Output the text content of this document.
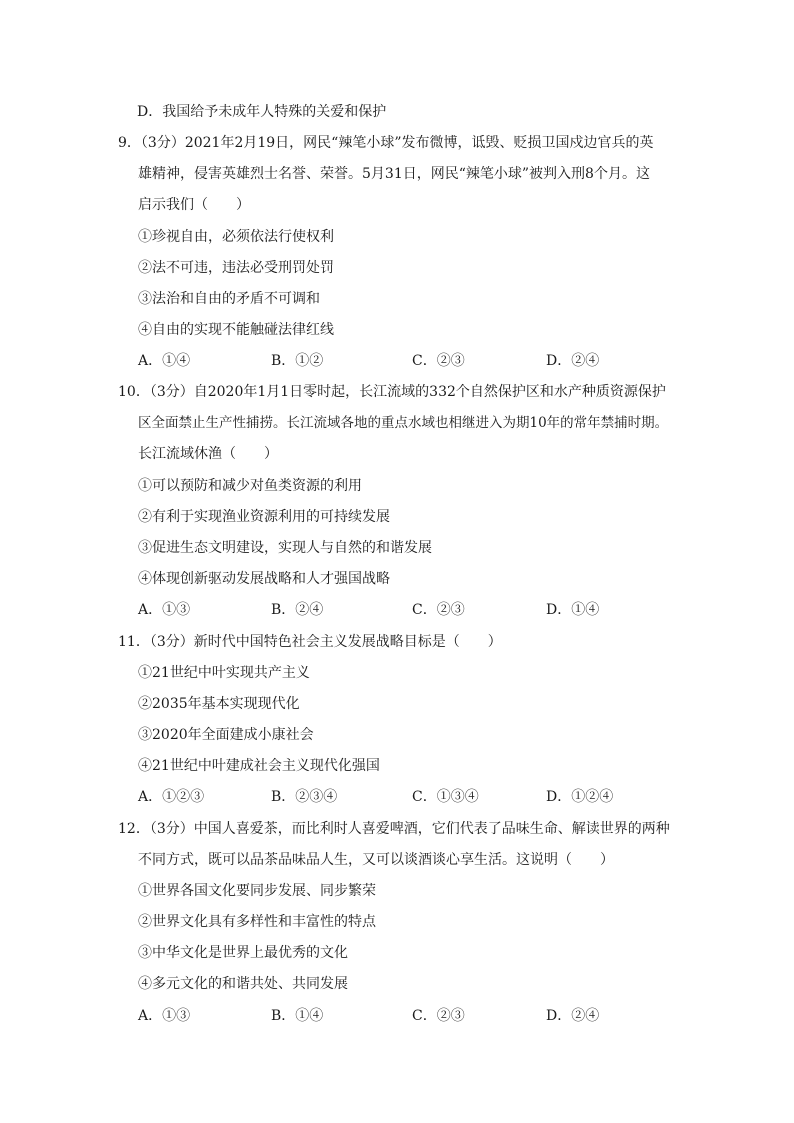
D．我国给予未成年人特殊的关爱和保护
9．（3分）2021年2月19日，网民“辣笔小球”发布微博，诋毁、贬损卫国戍边官兵的英
雄精神，侵害英雄烈士名誉、荣誉。5月31日，网民“辣笔小球”被判入刑8个月。这
启示我们（　　）
①珍视自由，必须依法行使权利
②法不可违，违法必受刑罚处罚
③法治和自由的矛盾不可调和
④自由的实现不能触碰法律红线
A．①④	B．①②	C．②③	D．②④
10．（3分）自2020年1月1日零时起，长江流域的332个自然保护区和水产种质资源保护
区全面禁止生产性捕捞。长江流域各地的重点水域也相继进入为期10年的常年禁捕时期。
长江流域休渔（　　）
①可以预防和减少对鱼类资源的利用
②有利于实现渔业资源利用的可持续发展
③促进生态文明建设，实现人与自然的和谐发展
④体现创新驱动发展战略和人才强国战略
A．①③	B．②④	C．②③	D．①④
11．（3分）新时代中国特色社会主义发展战略目标是（　　）
①21世纪中叶实现共产主义
②2035年基本实现现代化
③2020年全面建成小康社会
④21世纪中叶建成社会主义现代化强国
A．①②③	B．②③④	C．①③④	D．①②④
12．（3分）中国人喜爱茶，而比利时人喜爱啤酒，它们代表了品味生命、解读世界的两种
不同方式，既可以品茶品味品人生，又可以谈酒谈心享生活。这说明（　　）
①世界各国文化要同步发展、同步繁荣
②世界文化具有多样性和丰富性的特点
③中华文化是世界上最优秀的文化
④多元文化的和谐共处、共同发展
A．①③	B．①④	C．②③	D．②④
